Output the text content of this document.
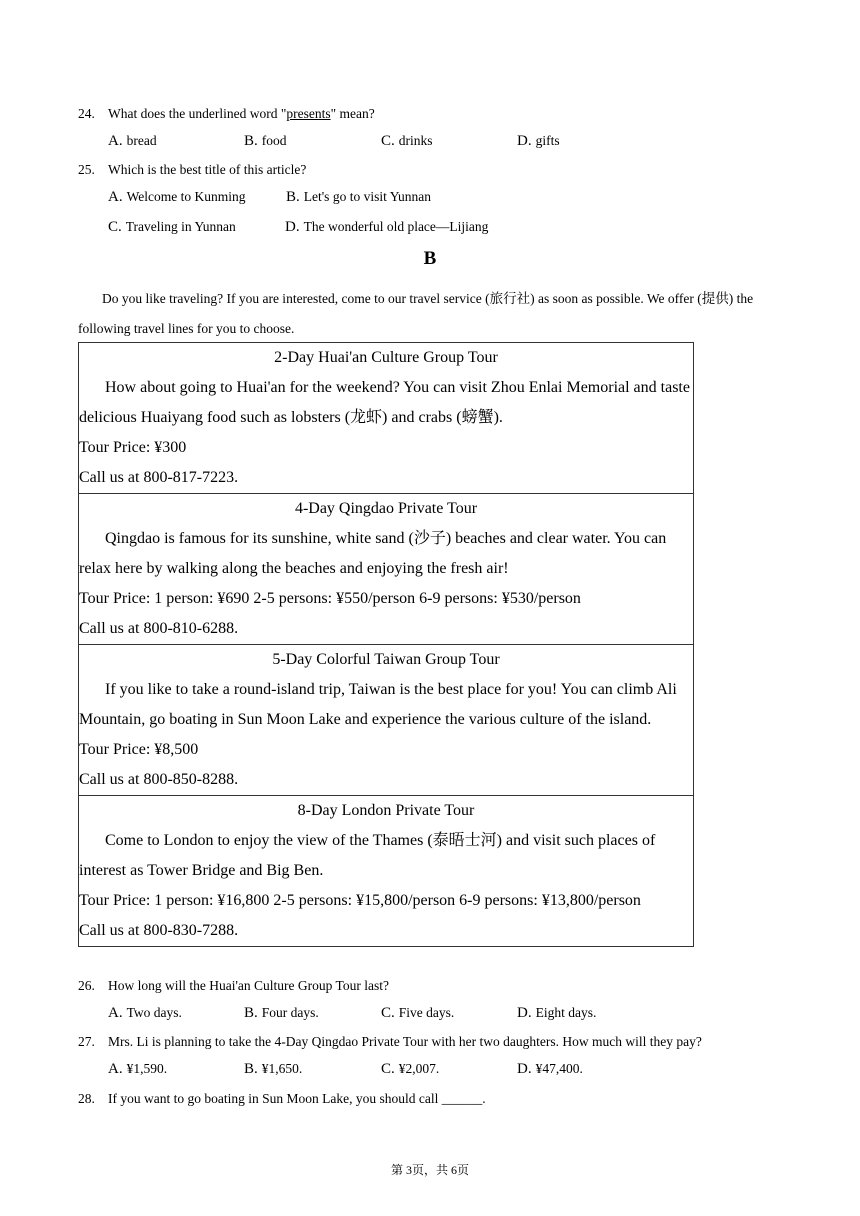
24. What does the underlined word "presents" mean?
A. bread	B. food	C. drinks	D. gifts
25. Which is the best title of this article?
A. Welcome to Kunming	B. Let's go to visit Yunnan
C. Traveling in Yunnan	D. The wonderful old place—Lijiang
B
Do you like traveling? If you are interested, come to our travel service (旅行社) as soon as possible. We offer (提供) the following travel lines for you to choose.
2-Day Huai'an Culture Group Tour
How about going to Huai'an for the weekend? You can visit Zhou Enlai Memorial and taste delicious Huaiyang food such as lobsters (龙虾) and crabs (螃蟹).
Tour Price: ¥300
Call us at 800-817-7223.
4-Day Qingdao Private Tour
Qingdao is famous for its sunshine, white sand (沙子) beaches and clear water. You can relax here by walking along the beaches and enjoying the fresh air!
Tour Price: 1 person: ¥690 2-5 persons: ¥550/person 6-9 persons: ¥530/person
Call us at 800-810-6288.
5-Day Colorful Taiwan Group Tour
If you like to take a round-island trip, Taiwan is the best place for you! You can climb Ali Mountain, go boating in Sun Moon Lake and experience the various culture of the island.
Tour Price: ¥8,500
Call us at 800-850-8288.
8-Day London Private Tour
Come to London to enjoy the view of the Thames (泰晤士河) and visit such places of interest as Tower Bridge and Big Ben.
Tour Price: 1 person: ¥16,800 2-5 persons: ¥15,800/person 6-9 persons: ¥13,800/person
Call us at 800-830-7288.
26. How long will the Huai'an Culture Group Tour last?
A. Two days.	B. Four days.	C. Five days.	D. Eight days.
27. Mrs. Li is planning to take the 4-Day Qingdao Private Tour with her two daughters. How much will they pay?
A. ¥1,590.	B. ¥1,650.	C. ¥2,007.	D. ¥47,400.
28. If you want to go boating in Sun Moon Lake, you should call ______.
第 3页，共 6页
